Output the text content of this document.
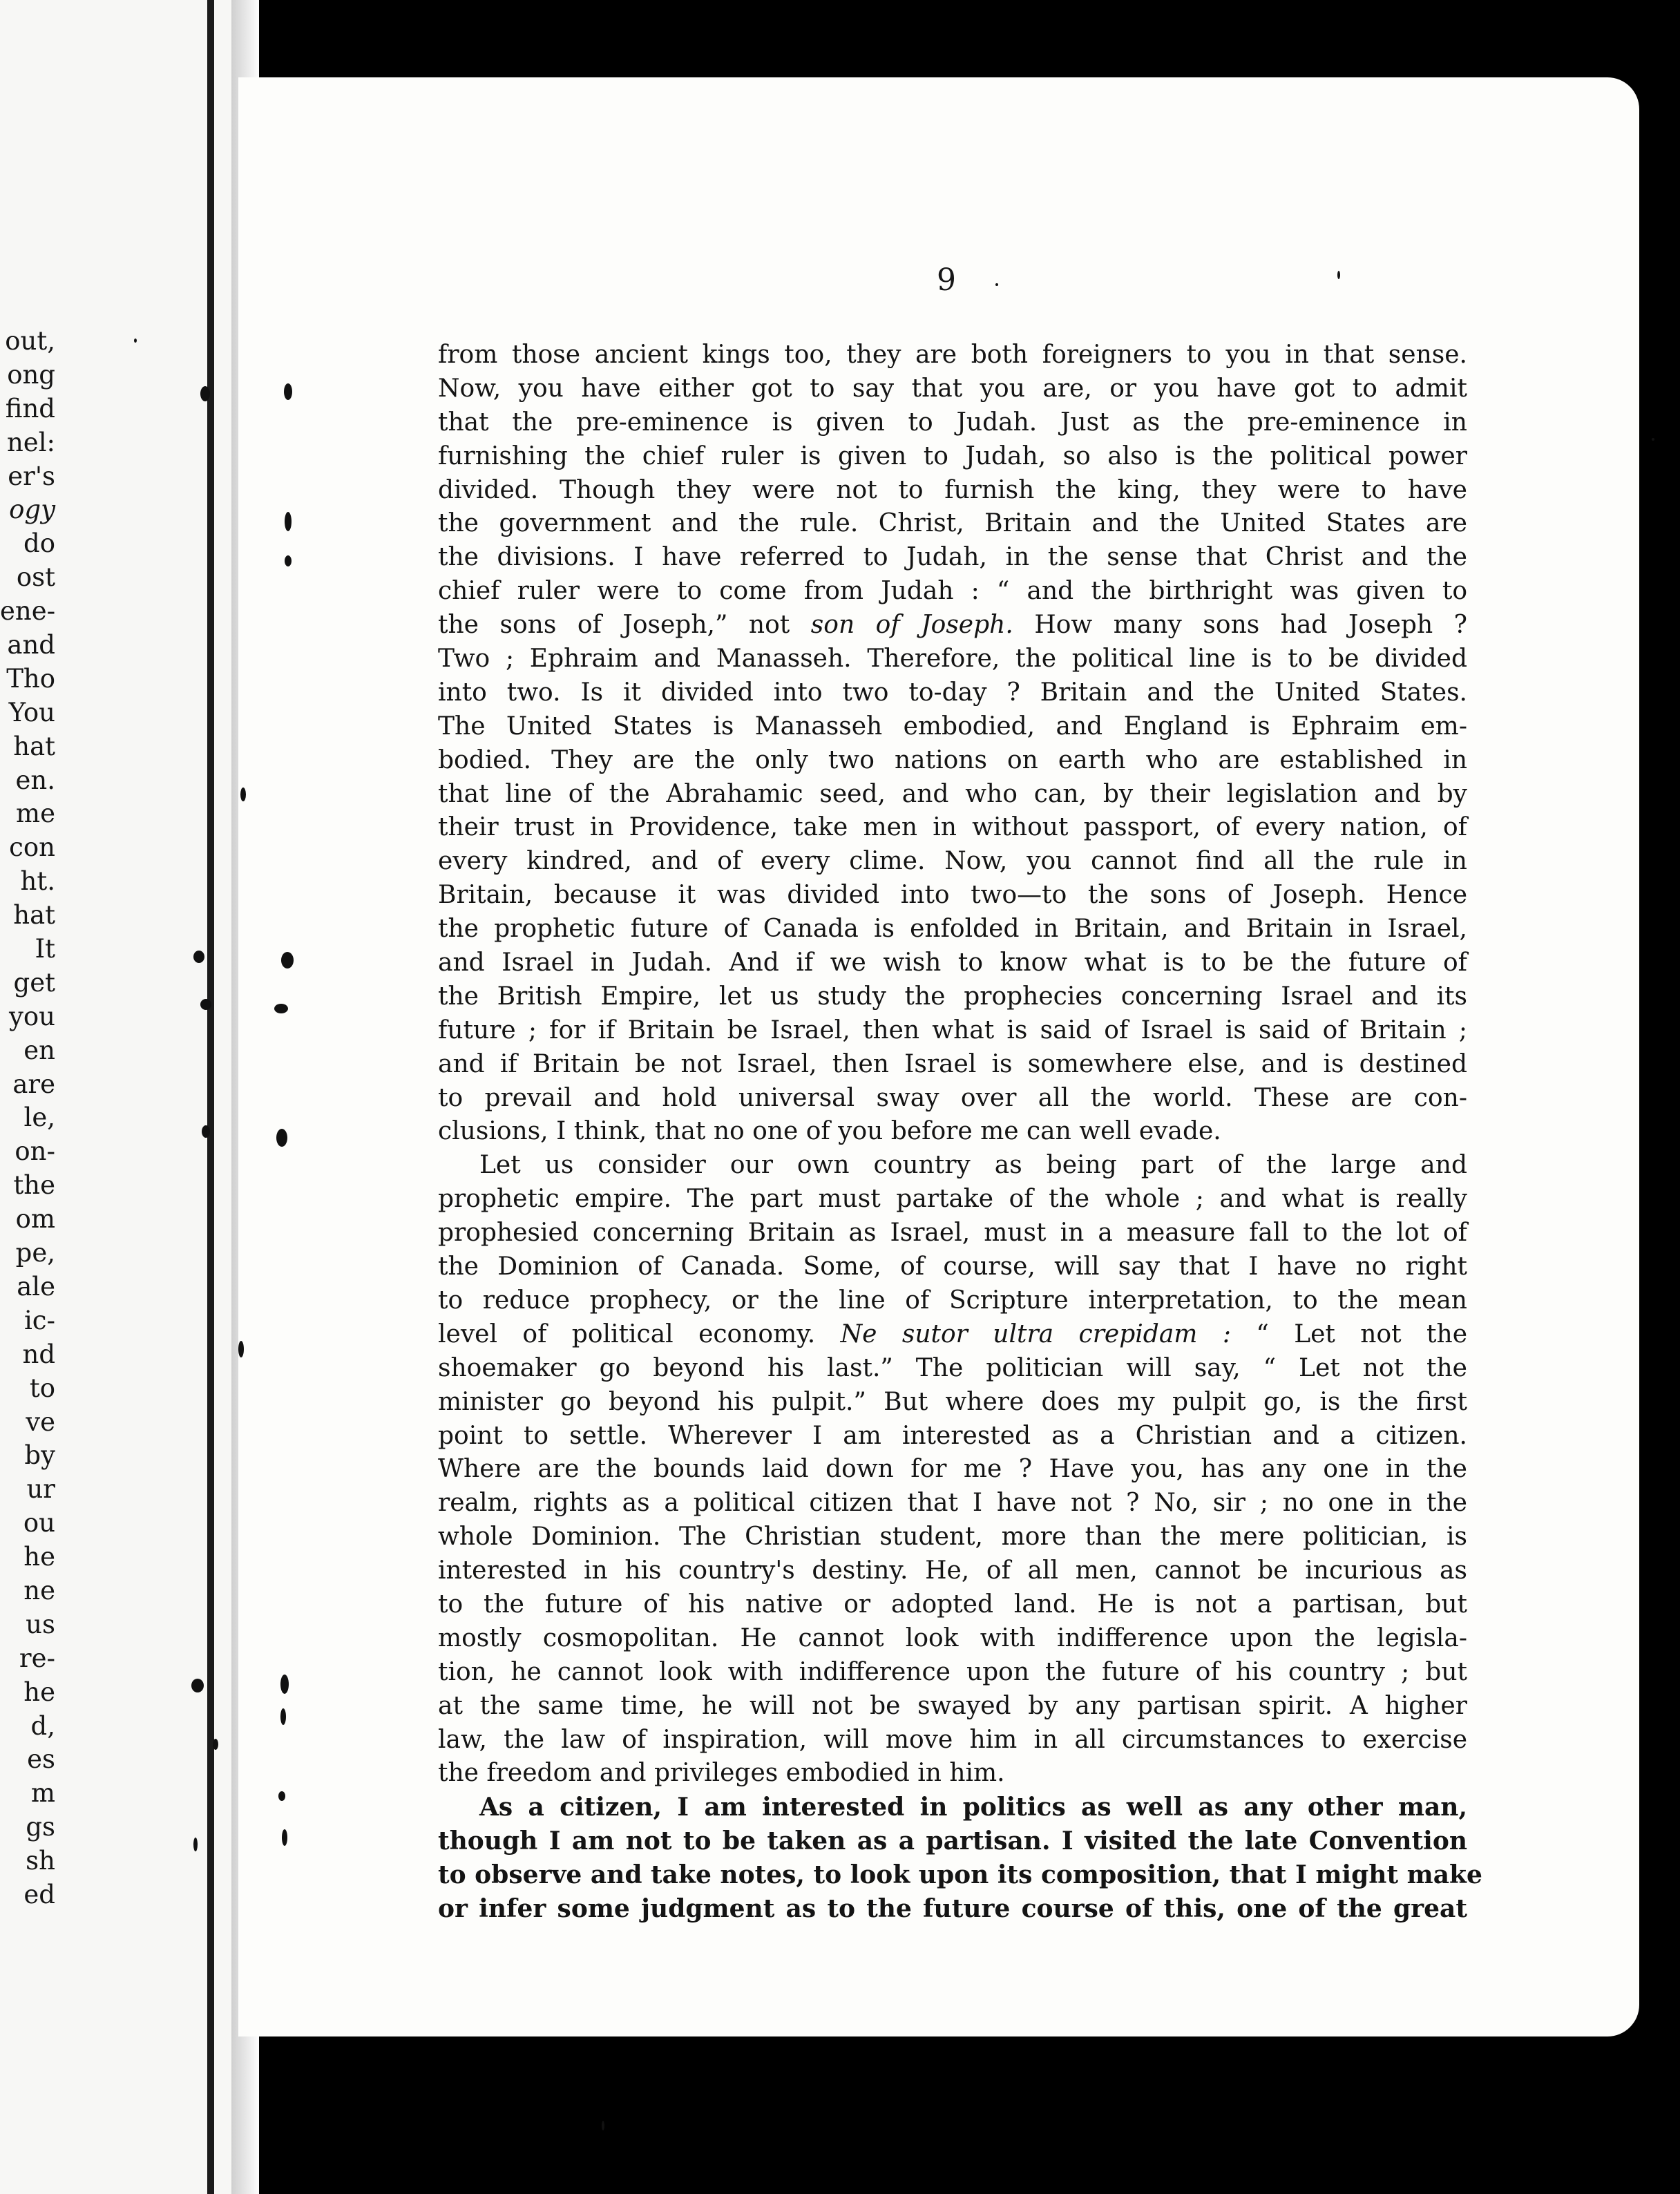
out,
ong
find
nel:
er's
ogy
do
ost
ene-
and
Tho
You
hat
en.
me
con
ht.
hat
It
get
you
en
are
le,
on-
the
om
pe,
ale
ic-
nd
to
ve
by
ur
ou
he
ne
us
re-
he
d,
es
m
gs
sh
ed
9
from those ancient kings too, they are both foreigners to you in that sense.
Now, you have either got to say that you are, or you have got to admit
that the pre-eminence is given to Judah. Just as the pre-eminence in
furnishing the chief ruler is given to Judah, so also is the political power
divided. Though they were not to furnish the king, they were to have
the government and the rule. Christ, Britain and the United States are
the divisions. I have referred to Judah, in the sense that Christ and the
chief ruler were to come from Judah : “ and the birthright was given to
the sons of Joseph,” not son of Joseph. How many sons had Joseph ?
Two ; Ephraim and Manasseh. Therefore, the political line is to be divided
into two. Is it divided into two to-day ? Britain and the United States.
The United States is Manasseh embodied, and England is Ephraim em-
bodied. They are the only two nations on earth who are established in
that line of the Abrahamic seed, and who can, by their legislation and by
their trust in Providence, take men in without passport, of every nation, of
every kindred, and of every clime. Now, you cannot find all the rule in
Britain, because it was divided into two—to the sons of Joseph. Hence
the prophetic future of Canada is enfolded in Britain, and Britain in Israel,
and Israel in Judah. And if we wish to know what is to be the future of
the British Empire, let us study the prophecies concerning Israel and its
future ; for if Britain be Israel, then what is said of Israel is said of Britain ;
and if Britain be not Israel, then Israel is somewhere else, and is destined
to prevail and hold universal sway over all the world. These are con-
clusions, I think, that no one of you before me can well evade.
Let us consider our own country as being part of the large and
prophetic empire. The part must partake of the whole ; and what is really
prophesied concerning Britain as Israel, must in a measure fall to the lot of
the Dominion of Canada. Some, of course, will say that I have no right
to reduce prophecy, or the line of Scripture interpretation, to the mean
level of political economy. Ne sutor ultra crepidam : “ Let not the
shoemaker go beyond his last.” The politician will say, “ Let not the
minister go beyond his pulpit.” But where does my pulpit go, is the first
point to settle. Wherever I am interested as a Christian and a citizen.
Where are the bounds laid down for me ? Have you, has any one in the
realm, rights as a political citizen that I have not ? No, sir ; no one in the
whole Dominion. The Christian student, more than the mere politician, is
interested in his country's destiny. He, of all men, cannot be incurious as
to the future of his native or adopted land. He is not a partisan, but
mostly cosmopolitan. He cannot look with indifference upon the legisla-
tion, he cannot look with indifference upon the future of his country ; but
at the same time, he will not be swayed by any partisan spirit. A higher
law, the law of inspiration, will move him in all circumstances to exercise
the freedom and privileges embodied in him.
As a citizen, I am interested in politics as well as any other man,
though I am not to be taken as a partisan. I visited the late Convention
to observe and take notes, to look upon its composition, that I might make
or infer some judgment as to the future course of this, one of the great
